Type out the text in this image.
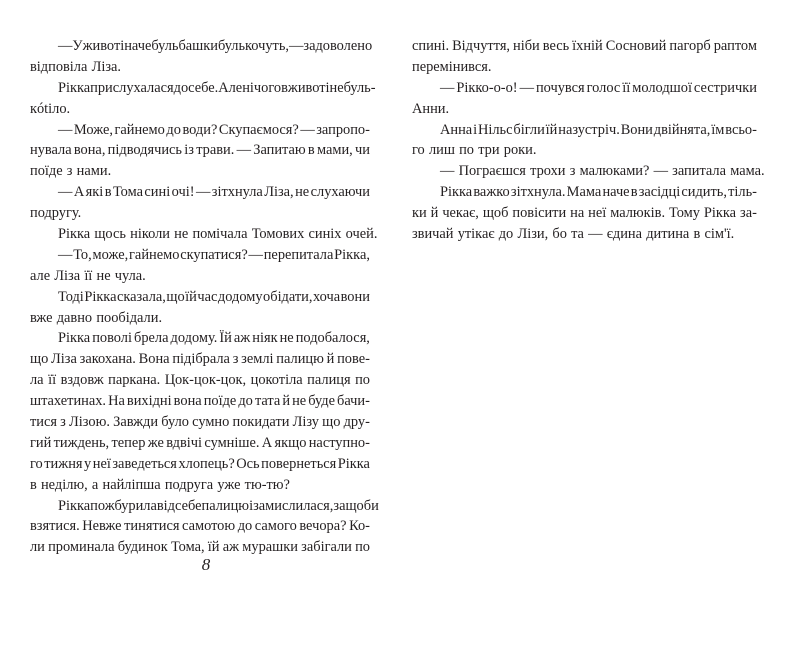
— У животі наче бульбашки булькочуть, — задоволено
відповіла Ліза.
Рікка прислухалася до себе. Але нічого в животі не буль-
кótiло.
— Може, гайнемо до води? Скупаємося? — запропо-
нувала вона, підводячись із трави. — Запитаю в мами, чи
поїде з нами.
— А які в Тома сині очі! — зітхнула Ліза, не слухаючи
подругу.
Рікка щось ніколи не помічала Томових синіх очей.
— То, може, гайнемо скупатися? — перепитала Рікка,
але Ліза її не чула.
Тоді Рікка сказала, що їй час додому обідати, хоча вони
вже давно пообідали.
Рікка поволі брела додому. Їй аж ніяк не подобалося,
що Ліза закохана. Вона підібрала з землі палицю й пове-
ла її вздовж паркана. Цок-цок-цок, цокотіла палиця по
штахетинах. На вихідні вона поїде до тата й не буде бачи-
тися з Лізою. Завжди було сумно покидати Лізу що дру-
гий тиждень, тепер же вдвічі сумніше. А якщо наступно-
го тижня у неї заведеться хлопець? Ось повернеться Рікка
в неділю, а найліпша подруга уже тю-тю?
Рікка пожбурила від себе палицю і замислилася, за що би
взятися. Невже тинятися самотою до самого вечора? Ко-
ли проминала будинок Тома, їй аж мурашки забігали по
спині. Відчуття, ніби весь їхній Сосновий пагорб раптом
перемінився.
— Рікко-о-о! — почувся голос її молодшої сестрички
Анни.
Анна і Нільс бігли їй назустріч. Вони двійнята, їм всьо-
го лиш по три роки.
— Пограєшся трохи з малюками? — запитала мама.
Рікка важко зітхнула. Мама наче в засідці сидить, тіль-
ки й чекає, щоб повісити на неї малюків. Тому Рікка за-
звичай утікає до Лізи, бо та — єдина дитина в сім'ї.
8
